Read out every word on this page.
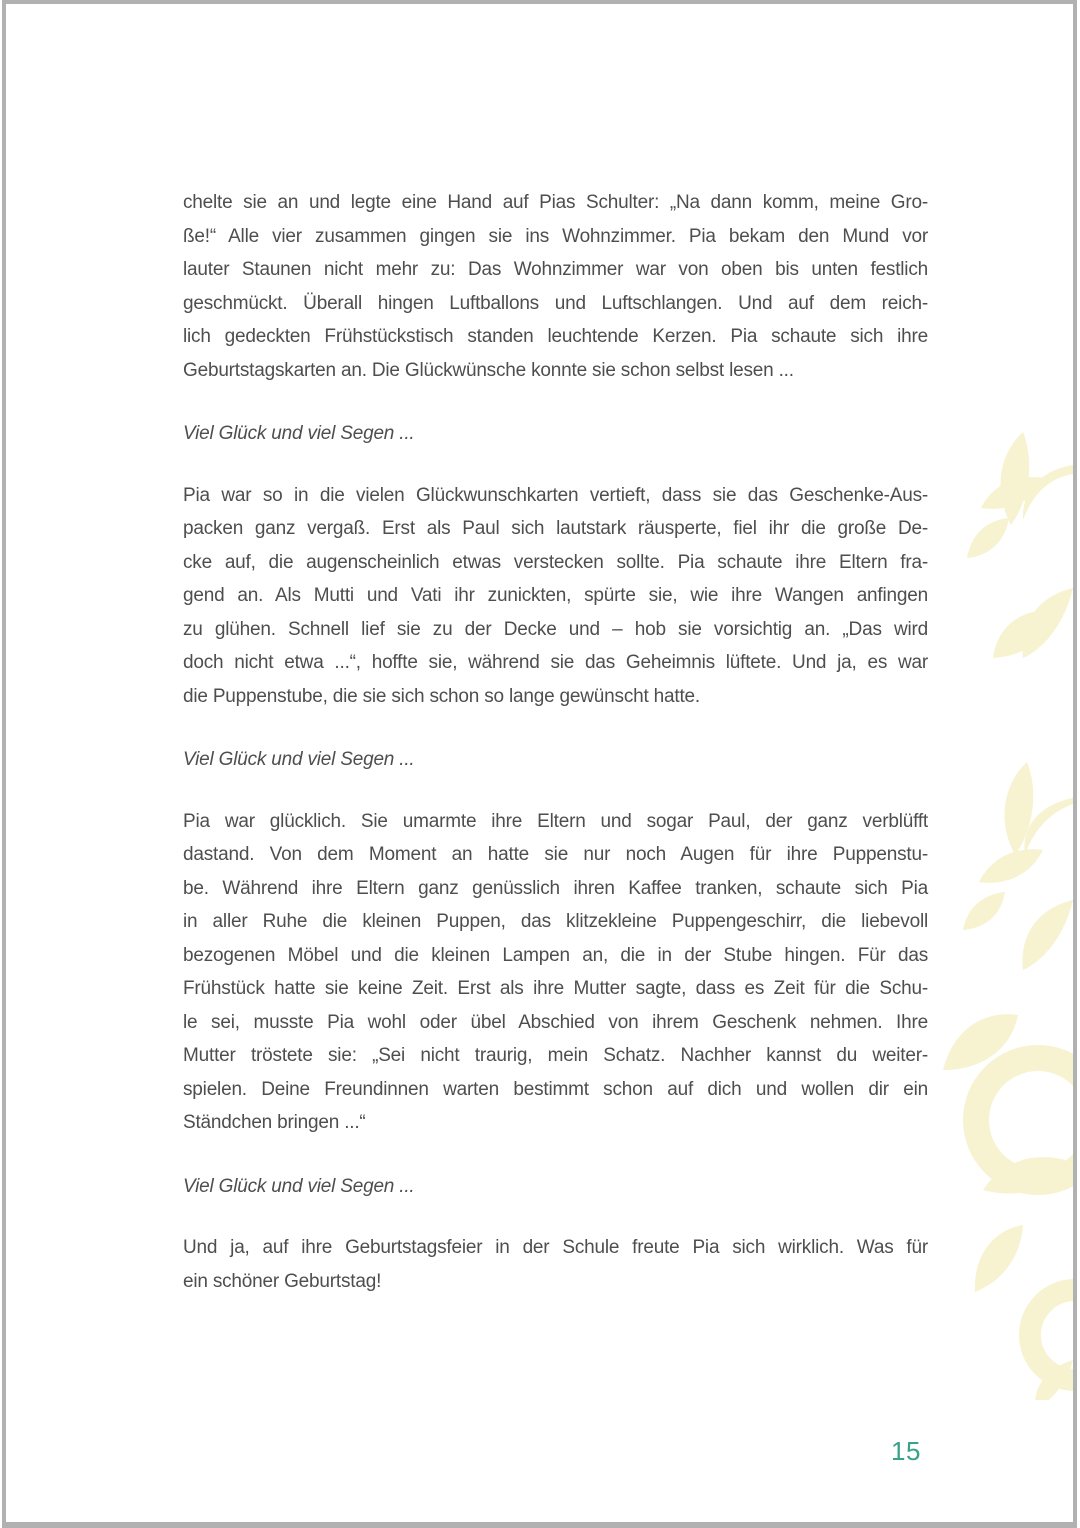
chelte sie an und legte eine Hand auf Pias Schulter: „Na dann komm, meine Gro-
ße!“ Alle vier zusammen gingen sie ins Wohnzimmer. Pia bekam den Mund vor
lauter Staunen nicht mehr zu: Das Wohnzimmer war von oben bis unten festlich
geschmückt. Überall hingen Luftballons und Luftschlangen. Und auf dem reich-
lich gedeckten Frühstückstisch standen leuchtende Kerzen. Pia schaute sich ihre
Geburtstagskarten an. Die Glückwünsche konnte sie schon selbst lesen ...
Viel Glück und viel Segen ...
Pia war so in die vielen Glückwunschkarten vertieft, dass sie das Geschenke-Aus-
packen ganz vergaß. Erst als Paul sich lautstark räusperte, fiel ihr die große De-
cke auf, die augenscheinlich etwas verstecken sollte. Pia schaute ihre Eltern fra-
gend an. Als Mutti und Vati ihr zunickten, spürte sie, wie ihre Wangen anfingen
zu glühen. Schnell lief sie zu der Decke und – hob sie vorsichtig an. „Das wird
doch nicht etwa ...“, hoffte sie, während sie das Geheimnis lüftete. Und ja, es war
die Puppenstube, die sie sich schon so lange gewünscht hatte.
Viel Glück und viel Segen ...
Pia war glücklich. Sie umarmte ihre Eltern und sogar Paul, der ganz verblüfft
dastand. Von dem Moment an hatte sie nur noch Augen für ihre Puppenstu-
be. Während ihre Eltern ganz genüsslich ihren Kaffee tranken, schaute sich Pia
in aller Ruhe die kleinen Puppen, das klitzekleine Puppengeschirr, die liebevoll
bezogenen Möbel und die kleinen Lampen an, die in der Stube hingen. Für das
Frühstück hatte sie keine Zeit. Erst als ihre Mutter sagte, dass es Zeit für die Schu-
le sei, musste Pia wohl oder übel Abschied von ihrem Geschenk nehmen. Ihre
Mutter tröstete sie: „Sei nicht traurig, mein Schatz. Nachher kannst du weiter-
spielen. Deine Freundinnen warten bestimmt schon auf dich und wollen dir ein
Ständchen bringen ...“
Viel Glück und viel Segen ...
Und ja, auf ihre Geburtstagsfeier in der Schule freute Pia sich wirklich. Was für
ein schöner Geburtstag!
15
